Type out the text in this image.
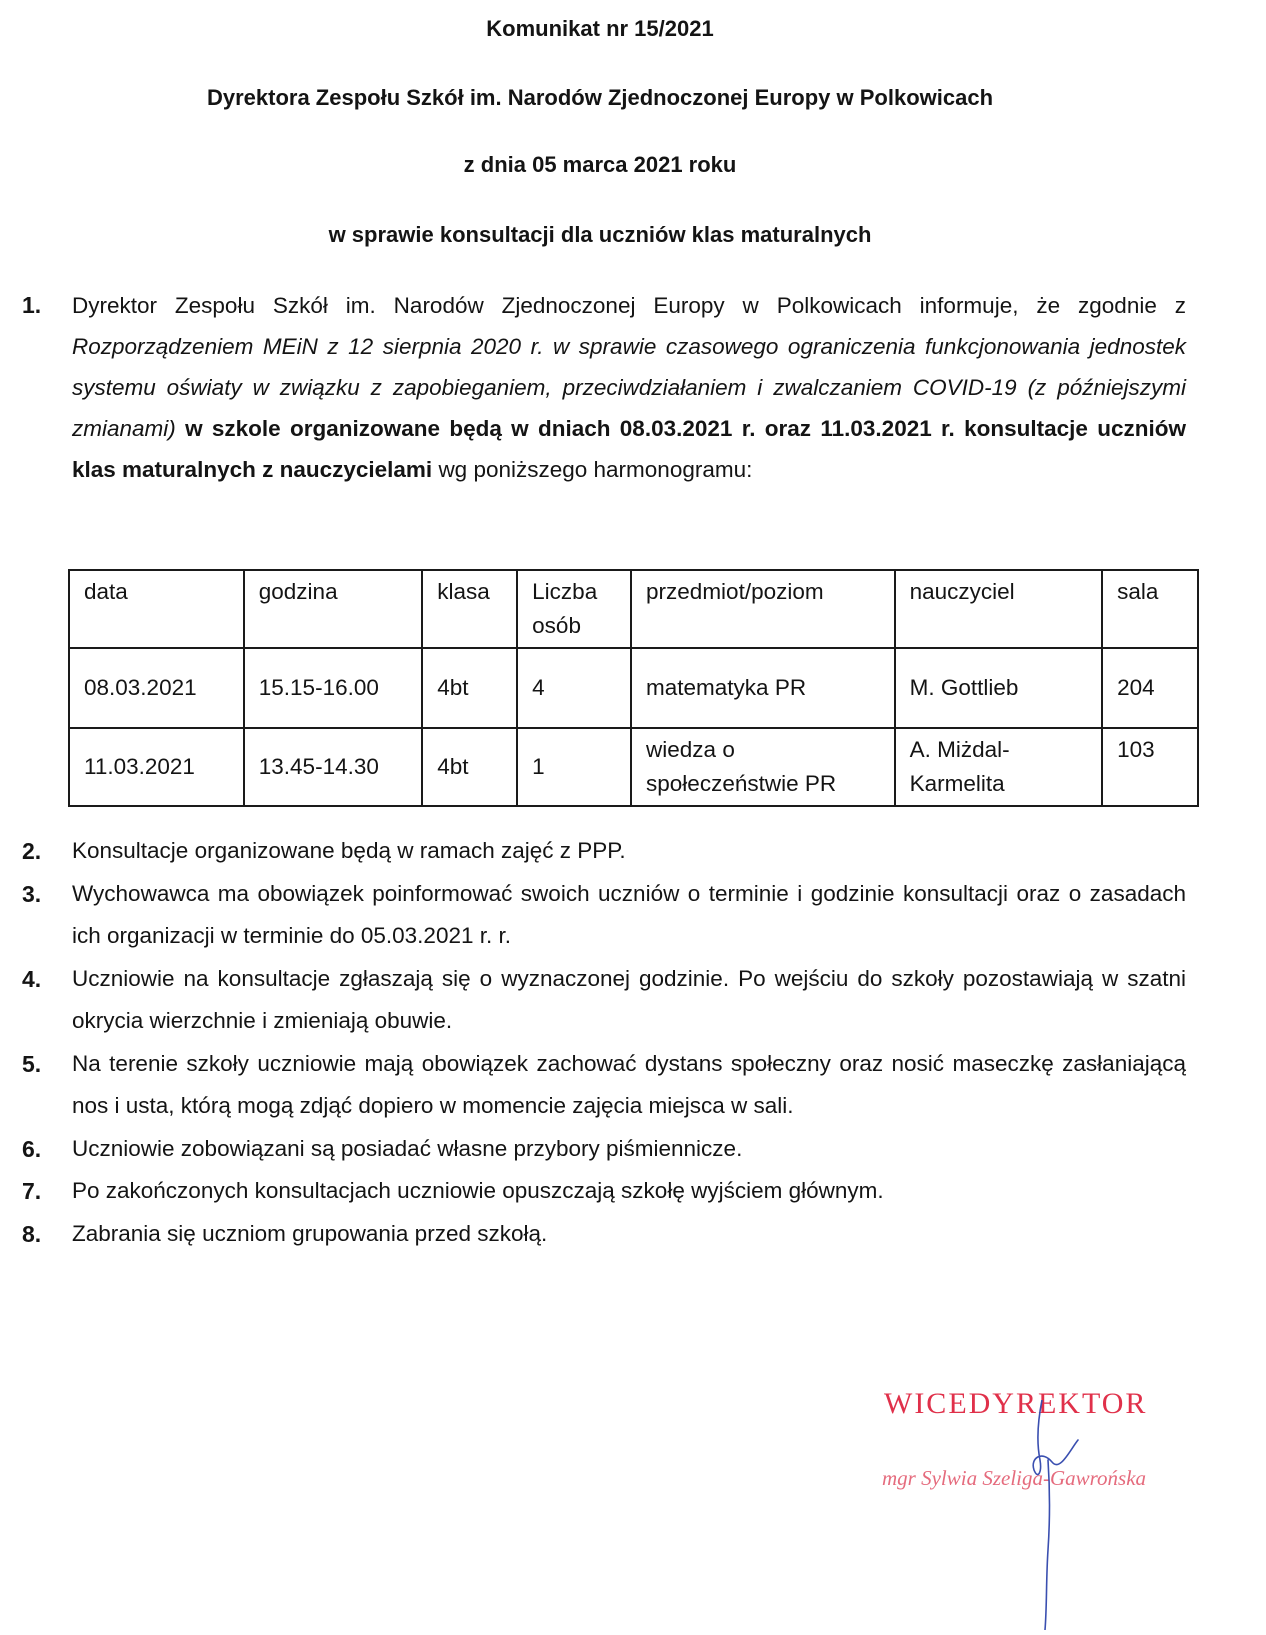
Komunikat nr 15/2021
Dyrektora Zespołu Szkół im. Narodów Zjednoczonej Europy w Polkowicach
z dnia 05 marca 2021 roku
w sprawie konsultacji dla uczniów klas maturalnych
1. Dyrektor Zespołu Szkół im. Narodów Zjednoczonej Europy w Polkowicach informuje, że zgodnie z Rozporządzeniem MEiN z 12 sierpnia 2020 r. w sprawie czasowego ograniczenia funkcjonowania jednostek systemu oświaty w związku z zapobieganiem, przeciwdziałaniem i zwalczaniem COVID-19 (z późniejszymi zmianami) w szkole organizowane będą w dniach 08.03.2021 r. oraz 11.03.2021 r. konsultacje uczniów klas maturalnych z nauczycielami wg poniższego harmonogramu:
data	godzina	klasa	Liczba osób	przedmiot/poziom	nauczyciel	sala
08.03.2021	15.15-16.00	4bt	4	matematyka PR	M. Gottlieb	204
11.03.2021	13.45-14.30	4bt	1	wiedza o społeczeństwie PR	A. Miżdal-Karmelita	103
2. Konsultacje organizowane będą w ramach zajęć z PPP.
3. Wychowawca ma obowiązek poinformować swoich uczniów o terminie i godzinie konsultacji oraz o zasadach ich organizacji w terminie do 05.03.2021 r. r.
4. Uczniowie na konsultacje zgłaszają się o wyznaczonej godzinie. Po wejściu do szkoły pozostawiają w szatni okrycia wierzchnie i zmieniają obuwie.
5. Na terenie szkoły uczniowie mają obowiązek zachować dystans społeczny oraz nosić maseczkę zasłaniającą nos i usta, którą mogą zdjąć dopiero w momencie zajęcia miejsca w sali.
6. Uczniowie zobowiązani są posiadać własne przybory piśmiennicze.
7. Po zakończonych konsultacjach uczniowie opuszczają szkołę wyjściem głównym.
8. Zabrania się uczniom grupowania przed szkołą.
WICEDYREKTOR
mgr Sylwia Szeliga-Gawrońska
